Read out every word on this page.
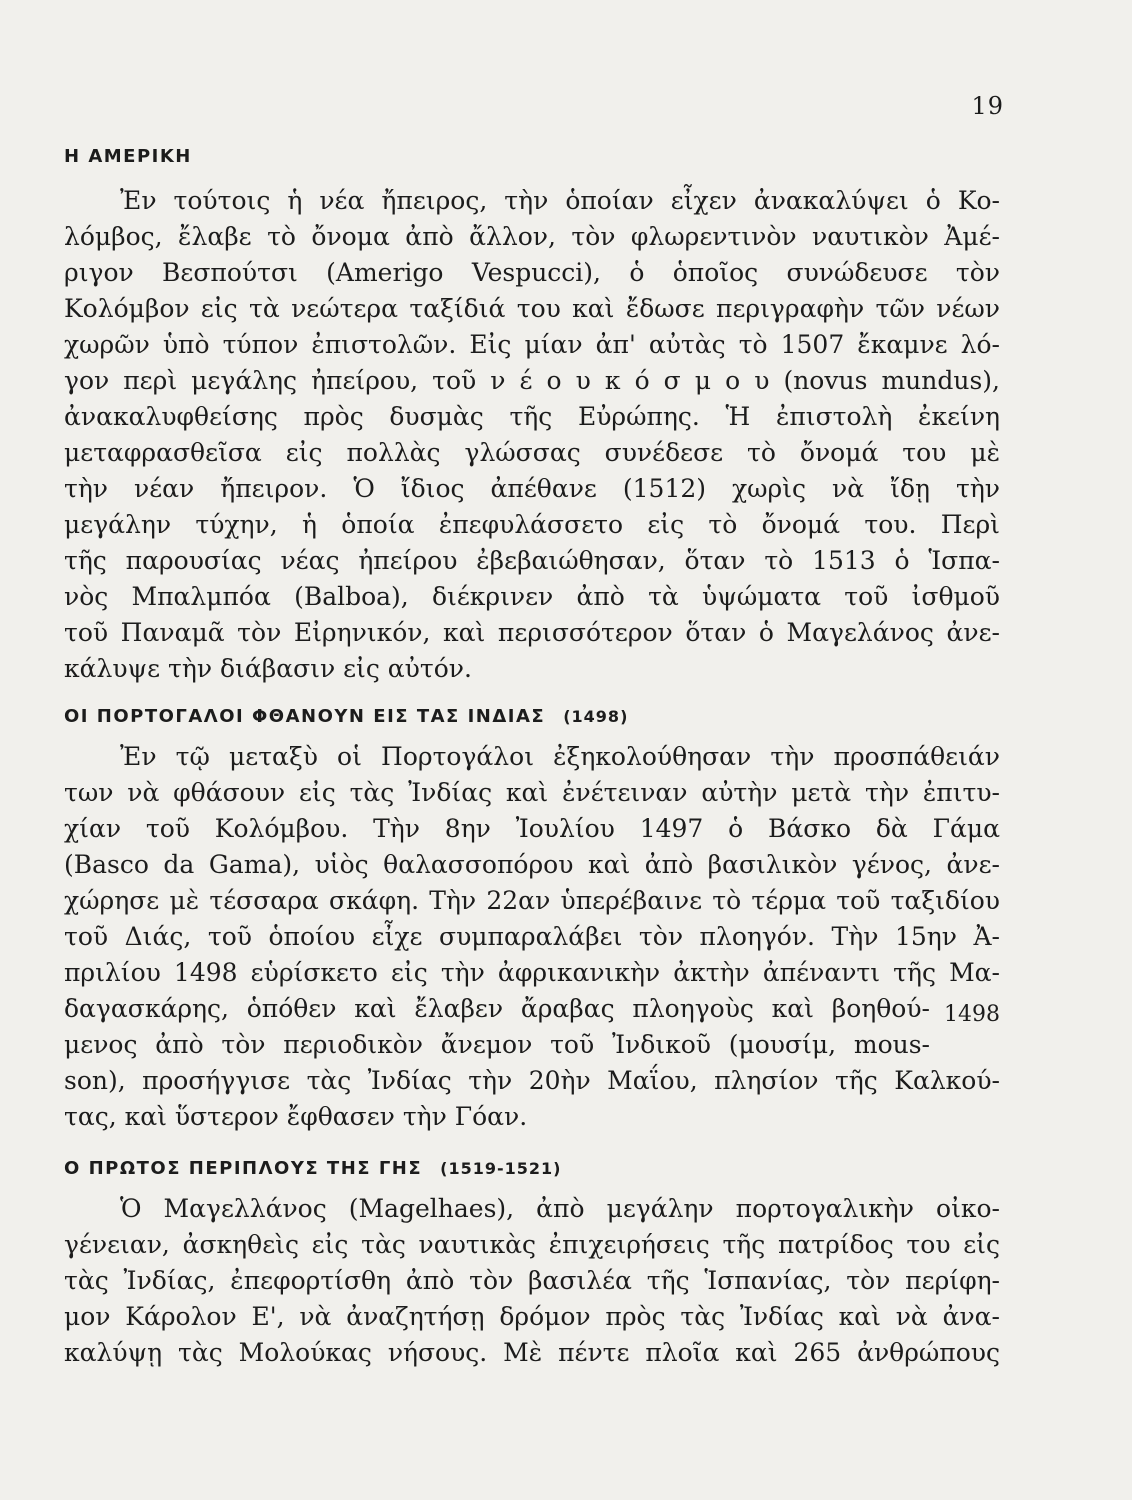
19
Η ΑΜΕΡΙΚΗ
Ἐν τούτοις ἡ νέα ἤπειρος, τὴν ὁποίαν εἶχεν ἀνακαλύψει ὁ Κο-
λόμβος, ἔλαβε τὸ ὄνομα ἀπὸ ἄλλον, τὸν φλωρεντινὸν ναυτικὸν Ἀμέ-
ριγον Βεσπούτσι (Amerigo Vespucci), ὁ ὁποῖος συνώδευσε τὸν
Κολόμβον εἰς τὰ νεώτερα ταξίδιά του καὶ ἔδωσε περιγραφὴν τῶν νέων
χωρῶν ὑπὸ τύπον ἐπιστολῶν. Εἰς μίαν ἀπ' αὐτὰς τὸ 1507 ἔκαμνε λό-
γον περὶ μεγάλης ἠπείρου, τοῦ ν έ ο υ κ ό σ μ ο υ (novus mundus),
ἀνακαλυφθείσης πρὸς δυσμὰς τῆς Εὐρώπης. Ἡ ἐπιστολὴ ἐκείνη
μεταφρασθεῖσα εἰς πολλὰς γλώσσας συνέδεσε τὸ ὄνομά του μὲ
τὴν νέαν ἤπειρον. Ὁ ἴδιος ἀπέθανε (1512) χωρὶς νὰ ἴδῃ τὴν
μεγάλην τύχην, ἡ ὁποία ἐπεφυλάσσετο εἰς τὸ ὄνομά του. Περὶ
τῆς παρουσίας νέας ἠπείρου ἐβεβαιώθησαν, ὅταν τὸ 1513 ὁ Ἱσπα-
νὸς Μπαλμπόα (Balboa), διέκρινεν ἀπὸ τὰ ὑψώματα τοῦ ἰσθμοῦ
τοῦ Παναμᾶ τὸν Εἰρηνικόν, καὶ περισσότερον ὅταν ὁ Μαγελάνος ἀνε-
κάλυψε τὴν διάβασιν εἰς αὐτόν.
ΟΙ ΠΟΡΤΟΓΑΛΟΙ ΦΘΑΝΟΥΝ ΕΙΣ ΤΑΣ ΙΝΔΙΑΣ (1498)
Ἐν τῷ μεταξὺ οἱ Πορτογάλοι ἐξηκολούθησαν τὴν προσπάθειάν
των νὰ φθάσουν εἰς τὰς Ἰνδίας καὶ ἐνέτειναν αὐτὴν μετὰ τὴν ἐπιτυ-
χίαν τοῦ Κολόμβου. Τὴν 8ην Ἰουλίου 1497 ὁ Βάσκο δὰ Γάμα
(Basco da Gama), υἱὸς θαλασσοπόρου καὶ ἀπὸ βασιλικὸν γένος, ἀνε-
χώρησε μὲ τέσσαρα σκάφη. Τὴν 22αν ὑπερέβαινε τὸ τέρμα τοῦ ταξιδίου
τοῦ Διάς, τοῦ ὁποίου εἶχε συμπαραλάβει τὸν πλοηγόν. Τὴν 15ην Ἀ-
πριλίου 1498 εὑρίσκετο εἰς τὴν ἀφρικανικὴν ἀκτὴν ἀπέναντι τῆς Μα-
δαγασκάρης, ὁπόθεν καὶ ἔλαβεν ἄραβας πλοηγοὺς καὶ βοηθού-
μενος ἀπὸ τὸν περιοδικὸν ἄνεμον τοῦ Ἰνδικοῦ (μουσίμ, mous-
son), προσήγγισε τὰς Ἰνδίας τὴν 20ὴν Μαΐου, πλησίον τῆς Καλκού-
τας, καὶ ὕστερον ἔφθασεν τὴν Γόαν.
1498
Ο ΠΡΩΤΟΣ ΠΕΡΙΠΛΟΥΣ ΤΗΣ ΓΗΣ (1519-1521)
Ὁ Μαγελλάνος (Magelhaes), ἀπὸ μεγάλην πορτογαλικὴν οἰκο-
γένειαν, ἀσκηθεὶς εἰς τὰς ναυτικὰς ἐπιχειρήσεις τῆς πατρίδος του εἰς
τὰς Ἰνδίας, ἐπεφορτίσθη ἀπὸ τὸν βασιλέα τῆς Ἱσπανίας, τὸν περίφη-
μον Κάρολον Ε', νὰ ἀναζητήσῃ δρόμον πρὸς τὰς Ἰνδίας καὶ νὰ ἀνα-
καλύψῃ τὰς Μολούκας νήσους. Μὲ πέντε πλοῖα καὶ 265 ἀνθρώπους
